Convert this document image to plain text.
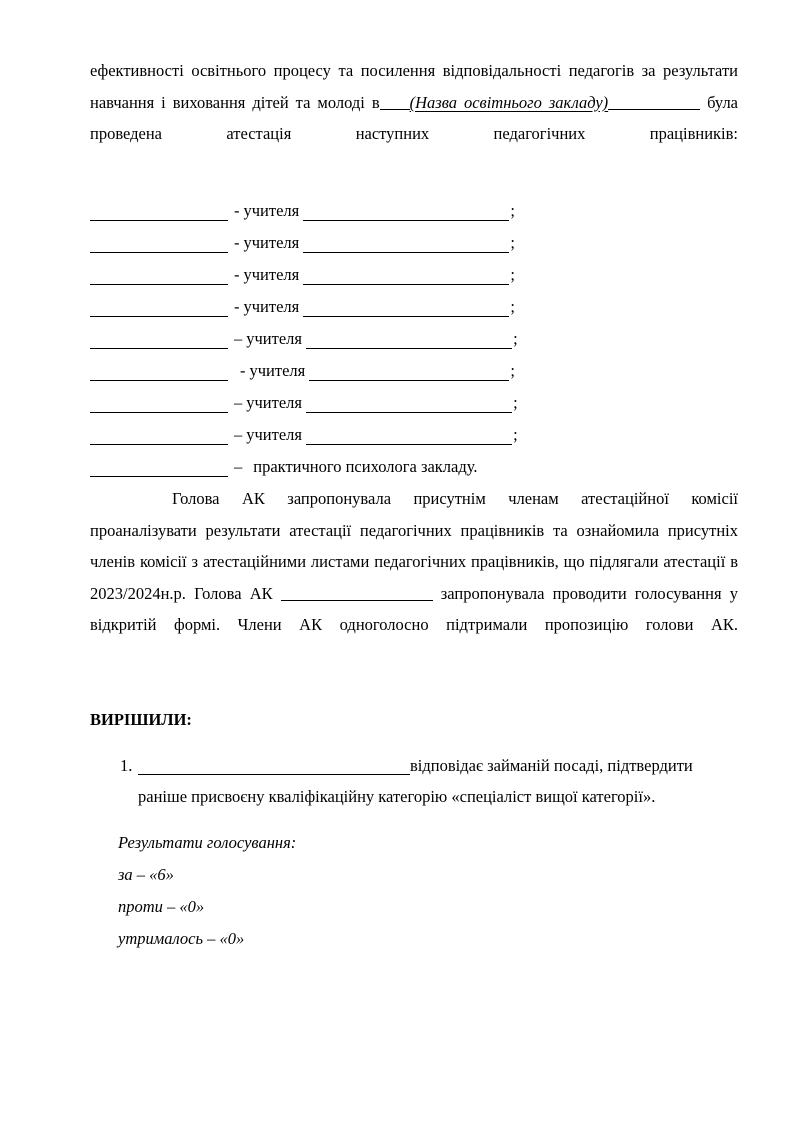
ефективності освітнього процесу та посилення відповідальності педагогів за результати навчання і виховання дітей та молоді в (Назва освітнього закладу)	була проведена атестація наступних педагогічних працівників:

- учителя	;
- учителя	;
- учителя	;
- учителя	;
– учителя	;
- учителя	;
– учителя	;
– учителя	;
– практичного психолога закладу.

Голова АК запропонувала присутнім членам атестаційної комісії проаналізувати результати атестації педагогічних працівників та ознайомила присутніх членів комісії з атестаційними листами педагогічних працівників, що підлягали атестації в 2023/2024н.р. Голова АК	запропонувала проводити голосування у відкритій формі. Члени АК одноголосно підтримали пропозицію голови АК.

ВИРІШИЛИ:

1.	відповідає займаній посаді, підтвердити
раніше присвоєну кваліфікаційну категорію «спеціаліст вищої категорії».

Результати голосування:

за – «6»

проти – «0»

утрималось – «0»
